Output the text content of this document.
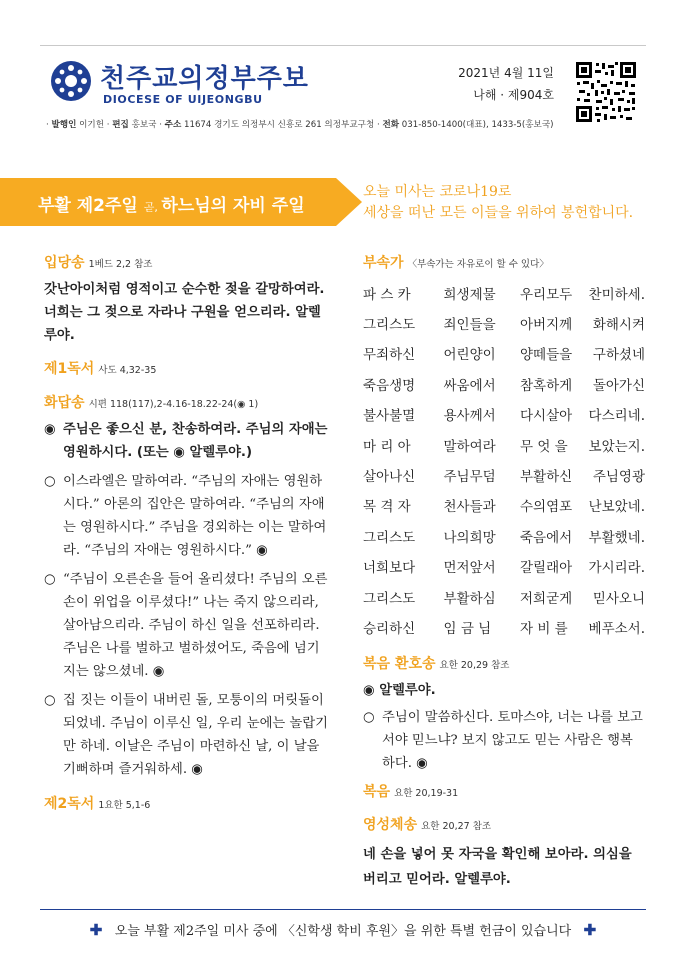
천주교의정부주보
DIOCESE OF UIJEONGBU
2021년 4월 11일
나해 · 제904호
· 발행인 이기헌 · 편집 홍보국 · 주소 11674 경기도 의정부시 신흥로 261 의정부교구청 · 전화 031-850-1400(대표), 1433-5(홍보국)
부활 제2주일 곧, 하느님의 자비 주일
오늘 미사는 코로나19로
세상을 떠난 모든 이들을 위하여 봉헌합니다.
입당송 1베드 2,2 참조
갓난아이처럼 영적이고 순수한 젖을 갈망하여라. 너희는 그 젖으로 자라나 구원을 얻으리라. 알렐루야.
제1독서 사도 4,32-35
화답송 시편 118(117),2-4.16-18.22-24(◉ 1)
◉ 주님은 좋으신 분, 찬송하여라. 주님의 자애는 영원하시다. (또는 ◉ 알렐루야.)
○ 이스라엘은 말하여라. “주님의 자애는 영원하시다.” 아론의 집안은 말하여라. “주님의 자애는 영원하시다.” 주님을 경외하는 이는 말하여라. “주님의 자애는 영원하시다.” ◉
○ “주님이 오른손을 들어 올리셨다! 주님의 오른손이 위업을 이루셨다!” 나는 죽지 않으리라, 살아남으리라. 주님이 하신 일을 선포하리라. 주님은 나를 벌하고 벌하셨어도, 죽음에 넘기지는 않으셨네. ◉
○ 집 짓는 이들이 내버린 돌, 모퉁이의 머릿돌이 되었네. 주님이 이루신 일, 우리 눈에는 놀랍기만 하네. 이날은 주님이 마련하신 날, 이 날을 기뻐하며 즐거워하세. ◉
제2독서 1요한 5,1-6
부속가 〈부속가는 자유로이 할 수 있다〉
파 스 카	희생제물	우리모두	찬미하세.
그리스도	죄인들을	아버지께	화해시켜
무죄하신	어린양이	양떼들을	구하셨네
죽음생명	싸움에서	참혹하게	돌아가신
불사불멸	용사께서	다시살아	다스리네.
마 리 아	말하여라	무 엇 을	보았는지.
살아나신	주님무덤	부활하신	주님영광
목 격 자	천사들과	수의염포	난보았네.
그리스도	나의희망	죽음에서	부활했네.
너희보다	먼저앞서	갈릴래아	가시리라.
그리스도	부활하심	저희굳게	믿사오니
승리하신	임 금 님	자 비 를	베푸소서.
복음 환호송 요한 20,29 참조
◉ 알렐루야.
○ 주님이 말씀하신다. 토마스야, 너는 나를 보고서야 믿느냐? 보지 않고도 믿는 사람은 행복하다. ◉
복음 요한 20,19-31
영성체송 요한 20,27 참조
네 손을 넣어 못 자국을 확인해 보아라. 의심을 버리고 믿어라. 알렐루야.
✚ 오늘 부활 제2주일 미사 중에 〈신학생 학비 후원〉을 위한 특별 헌금이 있습니다 ✚
